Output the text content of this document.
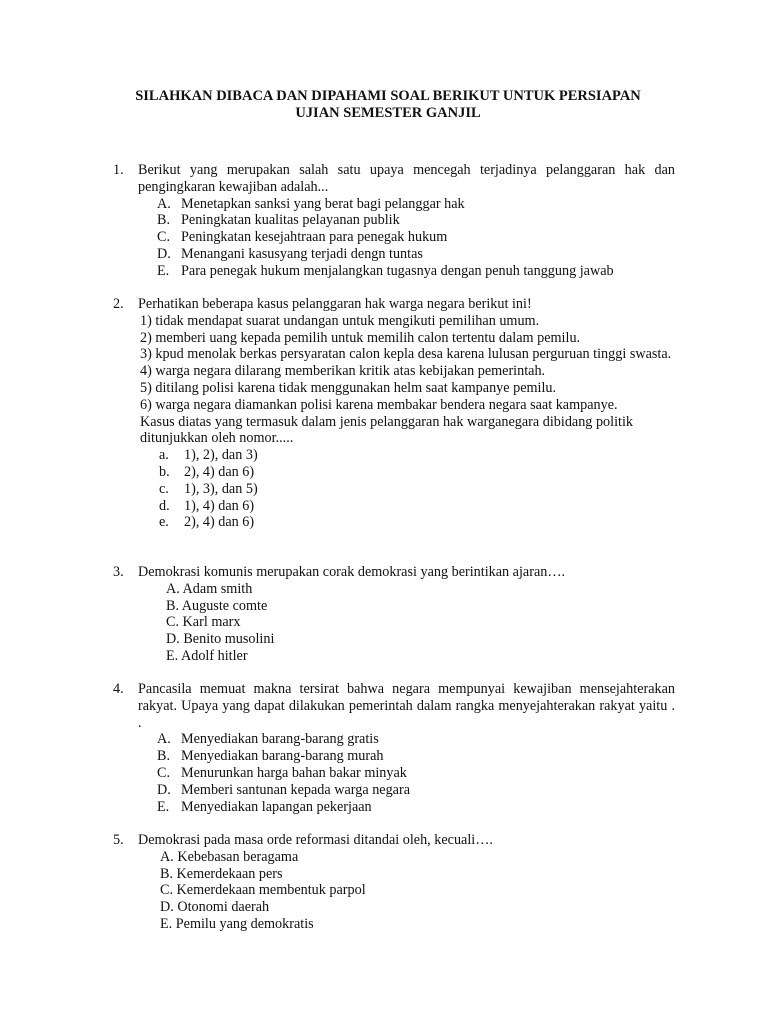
SILAHKAN DIBACA DAN DIPAHAMI SOAL BERIKUT UNTUK PERSIAPAN
UJIAN SEMESTER GANJIL
1.	Berikut yang merupakan salah satu upaya mencegah terjadinya pelanggaran hak dan pengingkaran kewajiban adalah...
A. Menetapkan sanksi yang berat bagi pelanggar hak
B. Peningkatan kualitas pelayanan publik
C. Peningkatan kesejahtraan para penegak hukum
D. Menangani kasusyang terjadi dengn tuntas
E. Para penegak hukum menjalangkan tugasnya dengan penuh tanggung jawab
2.	Perhatikan beberapa kasus pelanggaran hak warga negara berikut ini!
1) tidak mendapat suarat undangan untuk mengikuti pemilihan umum.
2) memberi uang kepada pemilih untuk memilih calon tertentu dalam pemilu.
3) kpud menolak berkas persyaratan calon kepla desa karena lulusan perguruan tinggi swasta.
4) warga negara dilarang memberikan kritik atas kebijakan pemerintah.
5) ditilang polisi karena tidak menggunakan helm saat kampanye pemilu.
6) warga negara diamankan polisi karena membakar bendera negara saat kampanye.
Kasus diatas yang termasuk dalam jenis pelanggaran hak warganegara dibidang politik ditunjukkan oleh nomor.....
a.	1), 2), dan 3)
b.	2), 4) dan 6)
c.	1), 3), dan 5)
d.	1), 4) dan 6)
e.	2), 4) dan 6)
3.	Demokrasi komunis merupakan corak demokrasi yang berintikan ajaran….
A. Adam smith
B. Auguste comte
C. Karl marx
D. Benito musolini
E. Adolf hitler
4.	Pancasila memuat makna tersirat bahwa negara mempunyai kewajiban mensejahterakan rakyat. Upaya yang dapat dilakukan pemerintah dalam rangka menyejahterakan rakyat yaitu . .
A. Menyediakan barang-barang gratis
B. Menyediakan barang-barang murah
C. Menurunkan harga bahan bakar minyak
D. Memberi santunan kepada warga negara
E. Menyediakan lapangan pekerjaan
5.	Demokrasi pada masa orde reformasi ditandai oleh, kecuali….
A. Kebebasan beragama
B. Kemerdekaan pers
C. Kemerdekaan membentuk parpol
D. Otonomi daerah
E. Pemilu yang demokratis
